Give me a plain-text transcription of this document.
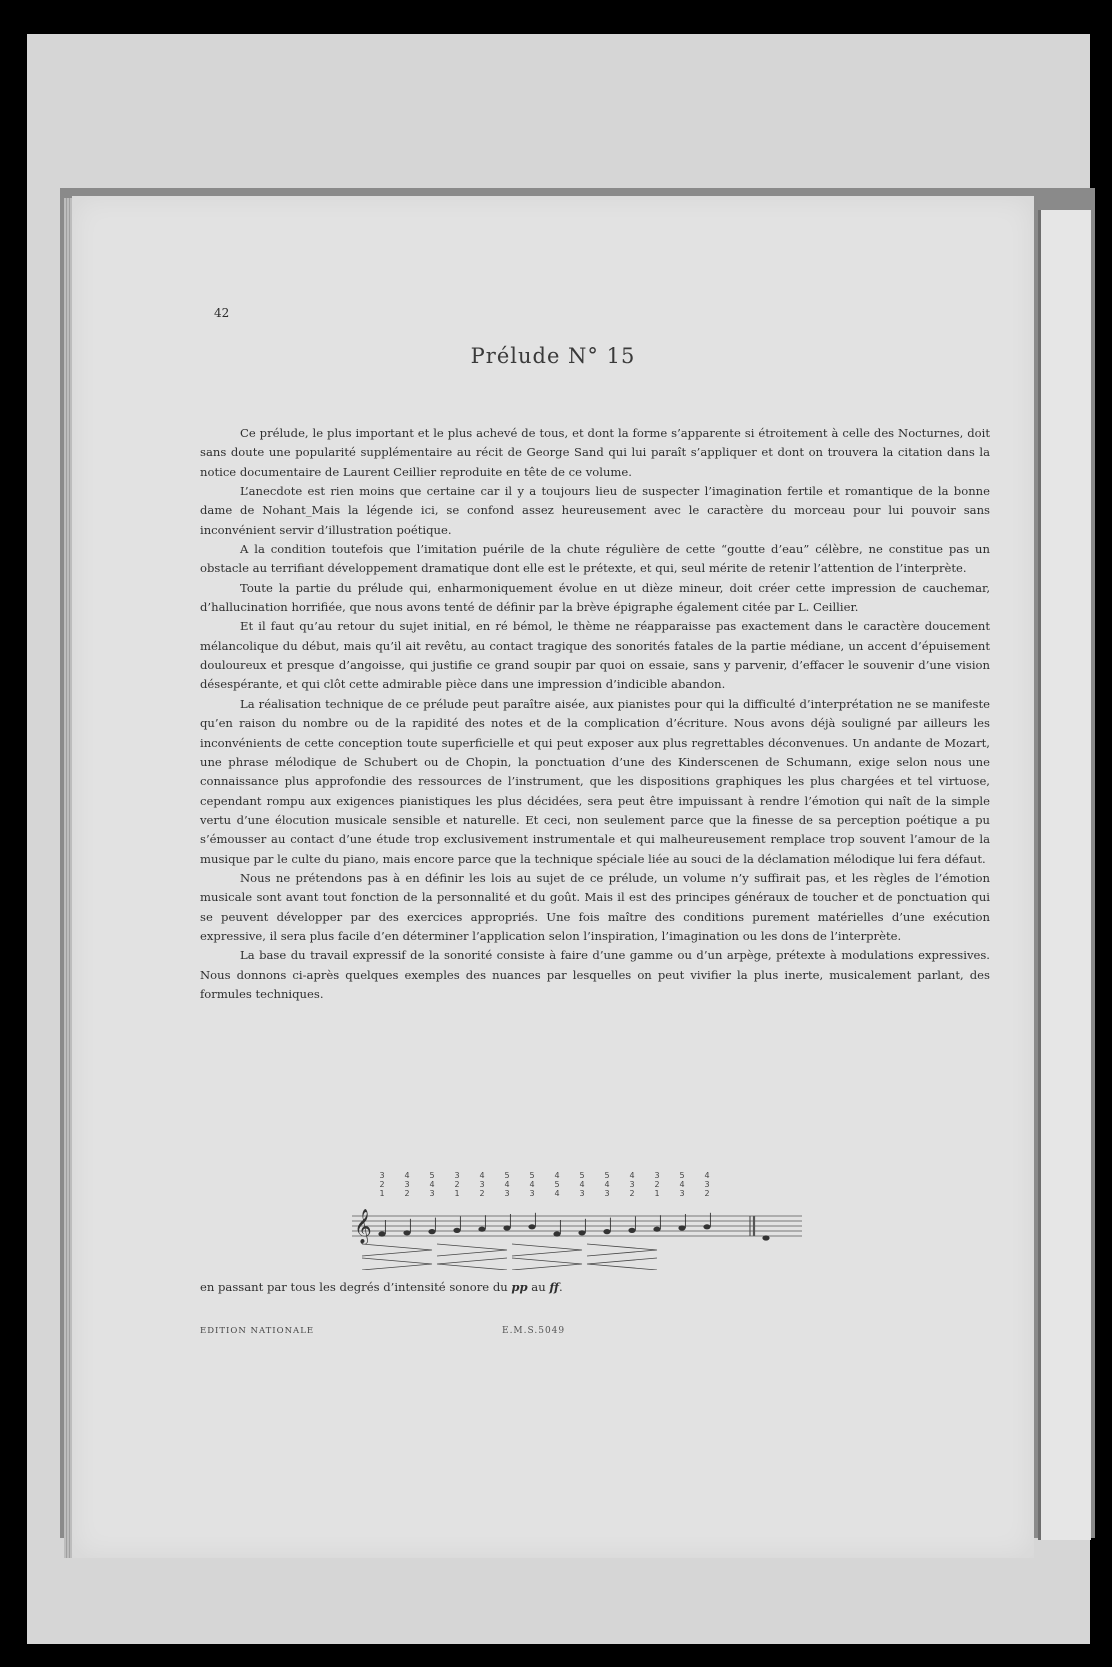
42
Prélude N° 15

Ce prélude, le plus important et le plus achevé de tous, et dont la forme s’apparente si étroitement à celle des Nocturnes, doit sans doute une popularité supplémentaire au récit de George Sand qui lui paraît s’appliquer et dont on trouvera la citation dans la notice documentaire de Laurent Ceillier reproduite en tête de ce volume.

L’anecdote est rien moins que certaine car il y a toujours lieu de suspecter l’imagination fertile et romantique de la bonne dame de Nohant_Mais la légende ici, se confond assez heureusement avec le caractère du morceau pour lui pouvoir sans inconvénient servir d’illustration poétique.

A la condition toutefois que l’imitation puérile de la chute régulière de cette “goutte d’eau” célèbre, ne constitue pas un obstacle au terrifiant développement dramatique dont elle est le prétexte, et qui, seul mérite de retenir l’attention de l’interprète.

Toute la partie du prélude qui, enharmoniquement évolue en ut dièze mineur, doit créer cette impression de cauchemar, d’hallucination horrifiée, que nous avons tenté de définir par la brève épigraphe également citée par L. Ceillier.

Et il faut qu’au retour du sujet initial, en ré bémol, le thème ne réapparaisse pas exactement dans le caractère doucement mélancolique du début, mais qu’il ait revêtu, au contact tragique des sonorités fatales de la partie médiane, un accent d’épuisement douloureux et presque d’angoisse, qui justifie ce grand soupir par quoi on essaie, sans y parvenir, d’effacer le souvenir d’une vision désespérante, et qui clôt cette admirable pièce dans une impression d’indicible abandon.

La réalisation technique de ce prélude peut paraître aisée, aux pianistes pour qui la difficulté d’interprétation ne se manifeste qu’en raison du nombre ou de la rapidité des notes et de la complication d’écriture. Nous avons déjà souligné par ailleurs les inconvénients de cette conception toute superficielle et qui peut exposer aux plus regrettables déconvenues. Un andante de Mozart, une phrase mélodique de Schubert ou de Chopin, la ponctuation d’une des Kinderscenen de Schumann, exige selon nous une connaissance plus approfondie des ressources de l’instrument, que les dispositions graphiques les plus chargées et tel virtuose, cependant rompu aux exigences pianistiques les plus décidées, sera peut être impuissant à rendre l’émotion qui naît de la simple vertu d’une élocution musicale sensible et naturelle. Et ceci, non seulement parce que la finesse de sa perception poétique a pu s’émousser au contact d’une étude trop exclusivement instrumentale et qui malheureusement remplace trop souvent l’amour de la musique par le culte du piano, mais encore parce que la technique spéciale liée au souci de la déclamation mélodique lui fera défaut.

Nous ne prétendons pas à en définir les lois au sujet de ce prélude, un volume n’y suffirait pas, et les règles de l’émotion musicale sont avant tout fonction de la personnalité et du goût. Mais il est des principes généraux de toucher et de ponctuation qui se peuvent développer par des exercices appropriés. Une fois maître des conditions purement matérielles d’une exécution expressive, il sera plus facile d’en déterminer l’application selon l’inspiration, l’imagination ou les dons de l’interprète.

La base du travail expressif de la sonorité consiste à faire d’une gamme ou d’un arpège, prétexte à modulations expressives. Nous donnons ci-après quelques exemples des nuances par lesquelles on peut vivifier la plus inerte, musicalement parlant, des formules techniques.

3
2
1
4
3
2
5
4
3
3
2
1
4
3
2
5
4
3
5
4
3
4
5
4
5
4
3
5
4
3
4
3
2
3
2
1
5
4
3
4
3
2
𝄞
en passant par tous les degrés d’intensité sonore du pp au ff.
EDITION NATIONALE	E.M.S.5049
